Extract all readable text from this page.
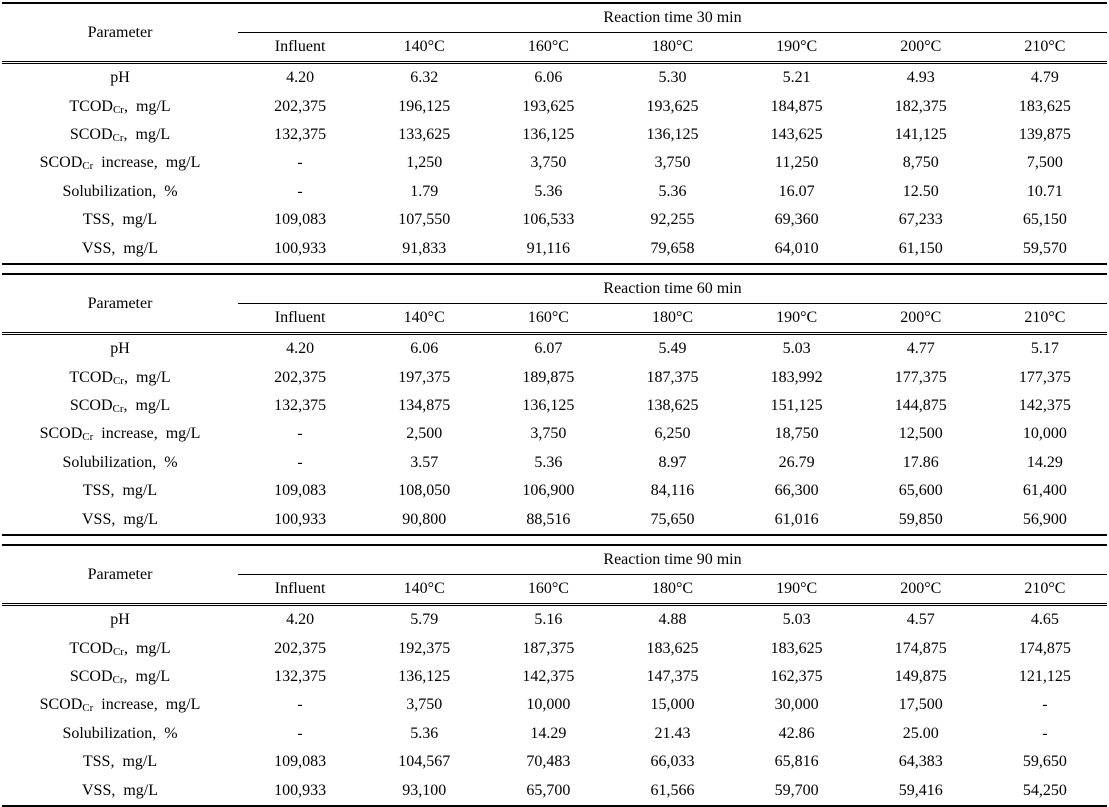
Parameter	Reaction time 30 min						
	Influent	140°C	160°C	180°C	190°C	200°C	210°C
pH	4.20	6.32	6.06	5.30	5.21	4.93	4.79
$TCOD_{Cr}$,  mg/L	202,375	196,125	193,625	193,625	184,875	182,375	183,625
$SCOD_{Cr}$,  mg/L	132,375	133,625	136,125	136,125	143,625	141,125	139,875
$SCOD_{Cr}$  increase,  mg/L	-	1,250	3,750	3,750	11,250	8,750	7,500
Solubilization,  %	-	1.79	5.36	5.36	16.07	12.50	10.71
TSS,  mg/L	109,083	107,550	106,533	92,255	69,360	67,233	65,150
VSS,  mg/L	100,933	91,833	91,116	79,658	64,010	61,150	59,570
Parameter	Reaction time 60 min						
	Influent	140°C	160°C	180°C	190°C	200°C	210°C
pH	4.20	6.06	6.07	5.49	5.03	4.77	5.17
$TCOD_{Cr}$,  mg/L	202,375	197,375	189,875	187,375	183,992	177,375	177,375
$SCOD_{Cr}$,  mg/L	132,375	134,875	136,125	138,625	151,125	144,875	142,375
$SCOD_{Cr}$  increase,  mg/L	-	2,500	3,750	6,250	18,750	12,500	10,000
Solubilization,  %	-	3.57	5.36	8.97	26.79	17.86	14.29
TSS,  mg/L	109,083	108,050	106,900	84,116	66,300	65,600	61,400
VSS,  mg/L	100,933	90,800	88,516	75,650	61,016	59,850	56,900
Parameter	Reaction time 90 min						
	Influent	140°C	160°C	180°C	190°C	200°C	210°C
pH	4.20	5.79	5.16	4.88	5.03	4.57	4.65
$TCOD_{Cr}$,  mg/L	202,375	192,375	187,375	183,625	183,625	174,875	174,875
$SCOD_{Cr}$,  mg/L	132,375	136,125	142,375	147,375	162,375	149,875	121,125
$SCOD_{Cr}$  increase,  mg/L	-	3,750	10,000	15,000	30,000	17,500	-
Solubilization,  %	-	5.36	14.29	21.43	42.86	25.00	-
TSS,  mg/L	109,083	104,567	70,483	66,033	65,816	64,383	59,650
VSS,  mg/L	100,933	93,100	65,700	61,566	59,700	59,416	54,250
